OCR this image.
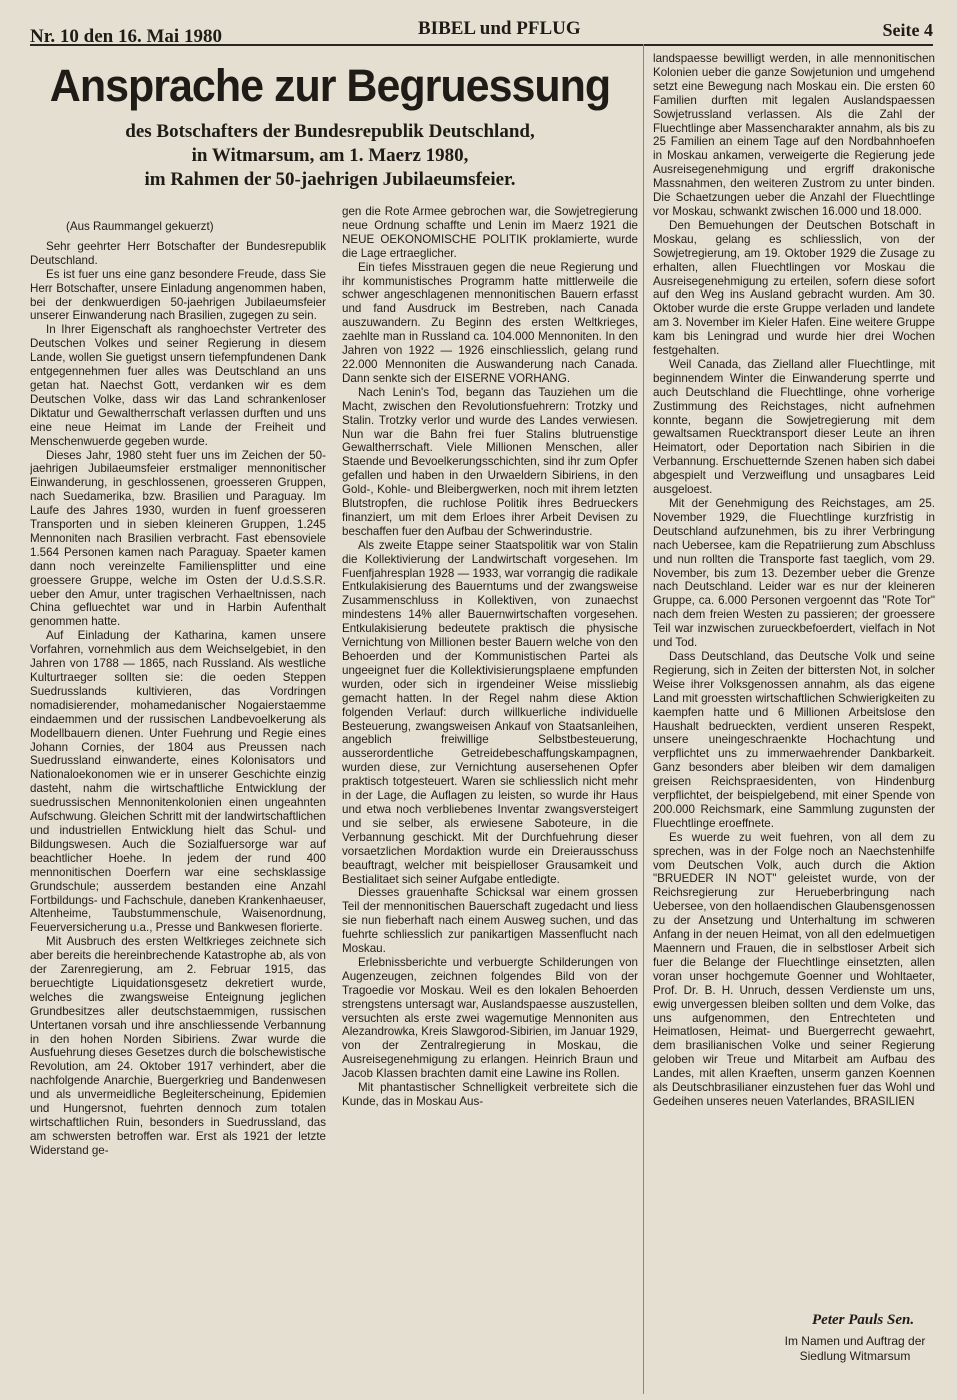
Nr. 10 den 16. Mai 1980	BIBEL und PFLUG	Seite 4
Ansprache zur Begruessung
des Botschafters der Bundesrepublik Deutschland,
in Witmarsum, am 1. Maerz 1980,
im Rahmen der 50-jaehrigen Jubilaeumsfeier.

(Aus Raummangel gekuerzt)

Sehr geehrter Herr Botschafter der Bundesrepublik Deutschland.

Es ist fuer uns eine ganz besondere Freude, dass Sie Herr Botschafter, unsere Einladung angenommen haben, bei der denkwuerdigen 50-jaehrigen Jubilaeumsfeier unserer Einwanderung nach Brasilien, zugegen zu sein.

In Ihrer Eigenschaft als ranghoechster Vertreter des Deutschen Volkes und seiner Regierung in diesem Lande, wollen Sie guetigst unsern tiefempfundenen Dank entgegennehmen fuer alles was Deutschland an uns getan hat. Naechst Gott, verdanken wir es dem Deutschen Volke, dass wir das Land schrankenloser Diktatur und Gewaltherrschaft verlassen durften und uns eine neue Heimat im Lande der Freiheit und Menschenwuerde gegeben wurde.

Dieses Jahr, 1980 steht fuer uns im Zeichen der 50-jaehrigen Jubilaeumsfeier erstmaliger mennonitischer Einwanderung, in geschlossenen, groesseren Gruppen, nach Suedamerika, bzw. Brasilien und Paraguay. Im Laufe des Jahres 1930, wurden in fuenf groesseren Transporten und in sieben kleineren Gruppen, 1.245 Mennoniten nach Brasilien verbracht. Fast ebensoviele 1.564 Personen kamen nach Paraguay. Spaeter kamen dann noch vereinzelte Familiensplitter und eine groessere Gruppe, welche im Osten der U.d.S.S.R. ueber den Amur, unter tragischen Verhaeltnissen, nach China gefluechtet war und in Harbin Aufenthalt genommen hatte.

Auf Einladung der Katharina, kamen unsere Vorfahren, vornehmlich aus dem Weichselgebiet, in den Jahren von 1788 — 1865, nach Russland. Als westliche Kulturtraeger sollten sie: die oeden Steppen Suedrusslands kultivieren, das Vordringen nomadisierender, mohamedanischer Nogaierstaemme eindaemmen und der russischen Landbevoelkerung als Modellbauern dienen. Unter Fuehrung und Regie eines Johann Cornies, der 1804 aus Preussen nach Suedrussland einwanderte, eines Kolonisators und Nationaloekonomen wie er in unserer Geschichte einzig dasteht, nahm die wirtschaftliche Entwicklung der suedrussischen Mennonitenkolonien einen ungeahnten Aufschwung. Gleichen Schritt mit der landwirtschaftlichen und industriellen Entwicklung hielt das Schul- und Bildungswesen. Auch die Sozialfuersorge war auf beachtlicher Hoehe. In jedem der rund 400 mennonitischen Doerfern war eine sechsklassige Grundschule; ausserdem bestanden eine Anzahl Fortbildungs- und Fachschule, daneben Krankenhaeuser, Altenheime, Taubstummenschule, Waisenordnung, Feuerversicherung u.a., Presse und Bankwesen florierte.

Mit Ausbruch des ersten Weltkrieges zeichnete sich aber bereits die hereinbrechende Katastrophe ab, als von der Zarenregierung, am 2. Februar 1915, das beruechtigte Liquidationsgesetz dekretiert wurde, welches die zwangsweise Enteignung jeglichen Grundbesitzes aller deutschstaemmigen, russischen Untertanen vorsah und ihre anschliessende Verbannung in den hohen Norden Sibiriens. Zwar wurde die Ausfuehrung dieses Gesetzes durch die bolschewistische Revolution, am 24. Oktober 1917 verhindert, aber die nachfolgende Anarchie, Buergerkrieg und Bandenwesen und als unvermeidliche Begleiterscheinung, Epidemien und Hungersnot, fuehrten dennoch zum totalen wirtschaftlichen Ruin, besonders in Suedrussland, das am schwersten betroffen war. Erst als 1921 der letzte Widerstand ge-

gen die Rote Armee gebrochen war, die Sowjetregierung neue Ordnung schaffte und Lenin im Maerz 1921 die NEUE OEKONOMISCHE POLITIK proklamierte, wurde die Lage ertraeglicher.

Ein tiefes Misstrauen gegen die neue Regierung und ihr kommunistisches Programm hatte mittlerweile die schwer angeschlagenen mennonitischen Bauern erfasst und fand Ausdruck im Bestreben, nach Canada auszuwandern. Zu Beginn des ersten Weltkrieges, zaehlte man in Russland ca. 104.000 Mennoniten. In den Jahren von 1922 — 1926 einschliesslich, gelang rund 22.000 Mennoniten die Auswanderung nach Canada. Dann senkte sich der EISERNE VORHANG.

Nach Lenin's Tod, begann das Tauziehen um die Macht, zwischen den Revolutionsfuehrern: Trotzky und Stalin. Trotzky verlor und wurde des Landes verwiesen. Nun war die Bahn frei fuer Stalins blutruenstige Gewaltherrschaft. Viele Millionen Menschen, aller Staende und Bevoelkerungsschichten, sind ihr zum Opfer gefallen und haben in den Urwaeldern Sibiriens, in den Gold-, Kohle- und Bleibergwerken, noch mit ihrem letzten Blutstropfen, die ruchlose Politik ihres Bedrueckers finanziert, um mit dem Erloes ihrer Arbeit Devisen zu beschaffen fuer den Aufbau der Schwerindustrie.

Als zweite Etappe seiner Staatspolitik war von Stalin die Kollektivierung der Landwirtschaft vorgesehen. Im Fuenfjahresplan 1928 — 1933, war vorrangig die radikale Entkulakisierung des Bauerntums und der zwangsweise Zusammenschluss in Kollektiven, von zunaechst mindestens 14% aller Bauernwirtschaften vorgesehen. Entkulakisierung bedeutete praktisch die physische Vernichtung von Millionen bester Bauern welche von den Behoerden und der Kommunistischen Partei als ungeeignet fuer die Kollektivisierungsplaene empfunden wurden, oder sich in irgendeiner Weise missliebig gemacht hatten. In der Regel nahm diese Aktion folgenden Verlauf: durch willkuerliche individuelle Besteuerung, zwangsweisen Ankauf von Staatsanleihen, angeblich freiwillige Selbstbesteuerung, ausserordentliche Getreidebeschaffungskampagnen, wurden diese, zur Vernichtung ausersehenen Opfer praktisch totgesteuert. Waren sie schliesslich nicht mehr in der Lage, die Auflagen zu leisten, so wurde ihr Haus und etwa noch verbliebenes Inventar zwangsversteigert und sie selber, als erwiesene Saboteure, in die Verbannung geschickt. Mit der Durchfuehrung dieser vorsaetzlichen Mordaktion wurde ein Dreierausschuss beauftragt, welcher mit beispielloser Grausamkeit und Bestialitaet sich seiner Aufgabe entledigte.

Diesses grauenhafte Schicksal war einem grossen Teil der mennonitischen Bauerschaft zugedacht und liess sie nun fieberhaft nach einem Ausweg suchen, und das fuehrte schliesslich zur panikartigen Massenflucht nach Moskau.

Erlebnissberichte und verbuergte Schilderungen von Augenzeugen, zeichnen folgendes Bild von der Tragoedie vor Moskau. Weil es den lokalen Behoerden strengstens untersagt war, Auslandspaesse auszustellen, versuchten als erste zwei wagemutige Mennoniten aus Alezandrowka, Kreis Slawgorod-Sibirien, im Januar 1929, von der Zentralregierung in Moskau, die Ausreisegenehmigung zu erlangen. Heinrich Braun und Jacob Klassen brachten damit eine Lawine ins Rollen.

Mit phantastischer Schnelligkeit verbreitete sich die Kunde, das in Moskau Aus-

landspaesse bewilligt werden, in alle mennonitischen Kolonien ueber die ganze Sowjetunion und umgehend setzt eine Bewegung nach Moskau ein. Die ersten 60 Familien durften mit legalen Auslandspaessen Sowjetrussland verlassen. Als die Zahl der Fluechtlinge aber Massencharakter annahm, als bis zu 25 Familien an einem Tage auf den Nordbahnhoefen in Moskau ankamen, verweigerte die Regierung jede Ausreisegenehmigung und ergriff drakonische Massnahmen, den weiteren Zustrom zu unter binden. Die Schaetzungen ueber die Anzahl der Fluechtlinge vor Moskau, schwankt zwischen 16.000 und 18.000.

Den Bemuehungen der Deutschen Botschaft in Moskau, gelang es schliesslich, von der Sowjetregierung, am 19. Oktober 1929 die Zusage zu erhalten, allen Fluechtlingen vor Moskau die Ausreisegenehmigung zu erteilen, sofern diese sofort auf den Weg ins Ausland gebracht wurden. Am 30. Oktober wurde die erste Gruppe verladen und landete am 3. November im Kieler Hafen. Eine weitere Gruppe kam bis Leningrad und wurde hier drei Wochen festgehalten.

Weil Canada, das Zielland aller Fluechtlinge, mit beginnendem Winter die Einwanderung sperrte und auch Deutschland die Fluechtlinge, ohne vorherige Zustimmung des Reichstages, nicht aufnehmen konnte, begann die Sowjetregierung mit dem gewaltsamen Ruecktransport dieser Leute an ihren Heimatort, oder Deportation nach Sibirien in die Verbannung. Erschuetternde Szenen haben sich dabei abgespielt und Verzweiflung und unsagbares Leid ausgeloest.

Mit der Genehmigung des Reichstages, am 25. November 1929, die Fluechtlinge kurzfristig in Deutschland aufzunehmen, bis zu ihrer Verbringung nach Uebersee, kam die Repatriierung zum Abschluss und nun rollten die Transporte fast taeglich, vom 29. November, bis zum 13. Dezember ueber die Grenze nach Deutschland. Leider war es nur der kleineren Gruppe, ca. 6.000 Personen vergoennt das "Rote Tor" nach dem freien Westen zu passieren; der groessere Teil war inzwischen zurueckbefoerdert, vielfach in Not und Tod.

Dass Deutschland, das Deutsche Volk und seine Regierung, sich in Zeiten der bittersten Not, in solcher Weise ihrer Volksgenossen annahm, als das eigene Land mit groessten wirtschaftlichen Schwierigkeiten zu kaempfen hatte und 6 Millionen Arbeitslose den Haushalt bedrueckten, verdient unseren Respekt, unsere uneingeschraenkte Hochachtung und verpflichtet uns zu immerwaehrender Dankbarkeit. Ganz besonders aber bleiben wir dem damaligen greisen Reichspraesidenten, von Hindenburg verpflichtet, der beispielgebend, mit einer Spende von 200.000 Reichsmark, eine Sammlung zugunsten der Fluechtlinge eroeffnete.

Es wuerde zu weit fuehren, von all dem zu sprechen, was in der Folge noch an Naechstenhilfe vom Deutschen Volk, auch durch die Aktion "BRUEDER IN NOT" geleistet wurde, von der Reichsregierung zur Herueberbringung nach Uebersee, von den hollaendischen Glaubensgenossen zu der Ansetzung und Unterhaltung im schweren Anfang in der neuen Heimat, von all den edelmuetigen Maennern und Frauen, die in selbstloser Arbeit sich fuer die Belange der Fluechtlinge einsetzten, allen voran unser hochgemute Goenner und Wohltaeter, Prof. Dr. B. H. Unruch, dessen Verdienste um uns, ewig unvergessen bleiben sollten und dem Volke, das uns aufgenommen, den Entrechteten und Heimatlosen, Heimat- und Buergerrecht gewaehrt, dem brasilianischen Volke und seiner Regierung geloben wir Treue und Mitarbeit am Aufbau des Landes, mit allen Kraeften, unserm ganzen Koennen als Deutschbrasilianer einzustehen fuer das Wohl und Gedeihen unseres neuen Vaterlandes, BRASILIEN

Peter Pauls Sen.
Im Namen und Auftrag der
Siedlung Witmarsum
